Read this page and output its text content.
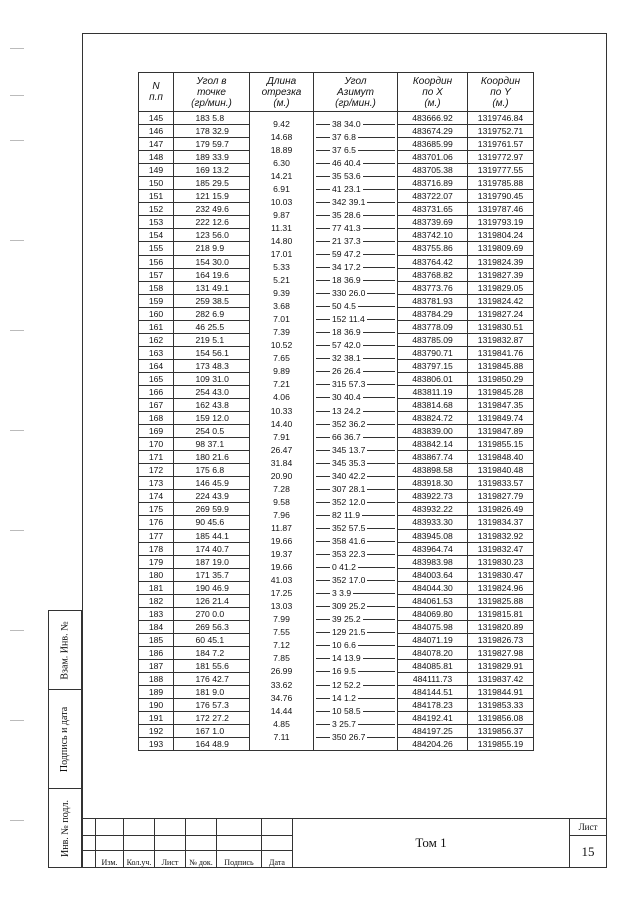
Взам. Инв. №

Подпись и дата

Инв. № подл.
N
п.п	Угол в
точке
(гр/мин.)	Длина
отрезка
(м.)	Угол
Азимут
(гр/мин.)	Координ
по X
(м.)	Координ
по Y
(м.)
145	183 5.8	9.42	38 34.0	483666.92	1319746.84
146	178 32.9	14.68	37 6.8	483674.29	1319752.71
147	179 59.7	18.89	37 6.5	483685.99	1319761.57
148	189 33.9	6.30	46 40.4	483701.06	1319772.97
149	169 13.2	14.21	35 53.6	483705.38	1319777.55
150	185 29.5	6.91	41 23.1	483716.89	1319785.88
151	121 15.9	10.03	342 39.1	483722.07	1319790.45
152	232 49.6	9.87	35 28.6	483731.65	1319787.46
153	222 12.6	11.31	77 41.3	483739.69	1319793.19
154	123 56.0	14.80	21 37.3	483742.10	1319804.24
155	218 9.9	17.01	59 47.2	483755.86	1319809.69
156	154 30.0	5.33	34 17.2	483764.42	1319824.39
157	164 19.6	5.21	18 36.9	483768.82	1319827.39
158	131 49.1	9.39	330 26.0	483773.76	1319829.05
159	259 38.5	3.68	50 4.5	483781.93	1319824.42
160	282 6.9	7.01	152 11.4	483784.29	1319827.24
161	46 25.5	7.39	18 36.9	483778.09	1319830.51
162	219 5.1	10.52	57 42.0	483785.09	1319832.87
163	154 56.1	7.65	32 38.1	483790.71	1319841.76
164	173 48.3	9.89	26 26.4	483797.15	1319845.88
165	109 31.0	7.21	315 57.3	483806.01	1319850.29
166	254 43.0	4.06	30 40.4	483811.19	1319845.28
167	162 43.8	10.33	13 24.2	483814.68	1319847.35
168	159 12.0	14.40	352 36.2	483824.72	1319849.74
169	254 0.5	7.91	66 36.7	483839.00	1319847.89
170	98 37.1	26.47	345 13.7	483842.14	1319855.15
171	180 21.6	31.84	345 35.3	483867.74	1319848.40
172	175 6.8	20.90	340 42.2	483898.58	1319840.48
173	146 45.9	7.28	307 28.1	483918.30	1319833.57
174	224 43.9	9.58	352 12.0	483922.73	1319827.79
175	269 59.9	7.96	82 11.9	483932.22	1319826.49
176	90 45.6	11.87	352 57.5	483933.30	1319834.37
177	185 44.1	19.66	358 41.6	483945.08	1319832.92
178	174 40.7	19.37	353 22.3	483964.74	1319832.47
179	187 19.0	19.66	0 41.2	483983.98	1319830.23
180	171 35.7	41.03	352 17.0	484003.64	1319830.47
181	190 46.9	17.25	3 3.9	484044.30	1319824.96
182	126 21.4	13.03	309 25.2	484061.53	1319825.88
183	270 0.0	7.99	39 25.2	484069.80	1319815.81
184	269 56.3	7.55	129 21.5	484075.98	1319820.89
185	60 45.1	7.12	10 6.6	484071.19	1319826.73
186	184 7.2	7.85	14 13.9	484078.20	1319827.98
187	181 55.6	26.99	16 9.5	484085.81	1319829.91
188	176 42.7	33.62	12 52.2	484111.73	1319837.42
189	181 9.0	34.76	14 1.2	484144.51	1319844.91
190	176 57.3	14.44	10 58.5	484178.23	1319853.33
191	172 27.2	4.85	3 25.7	484192.41	1319856.08
192	167 1.0	7.11	350 26.7	484197.25	1319856.37
193	164 48.9			484204.26	1319855.19
							Том 1	Лист
								15
	Изм.	Кол.уч.	Лист	№ док.	Подпись	Дата		
